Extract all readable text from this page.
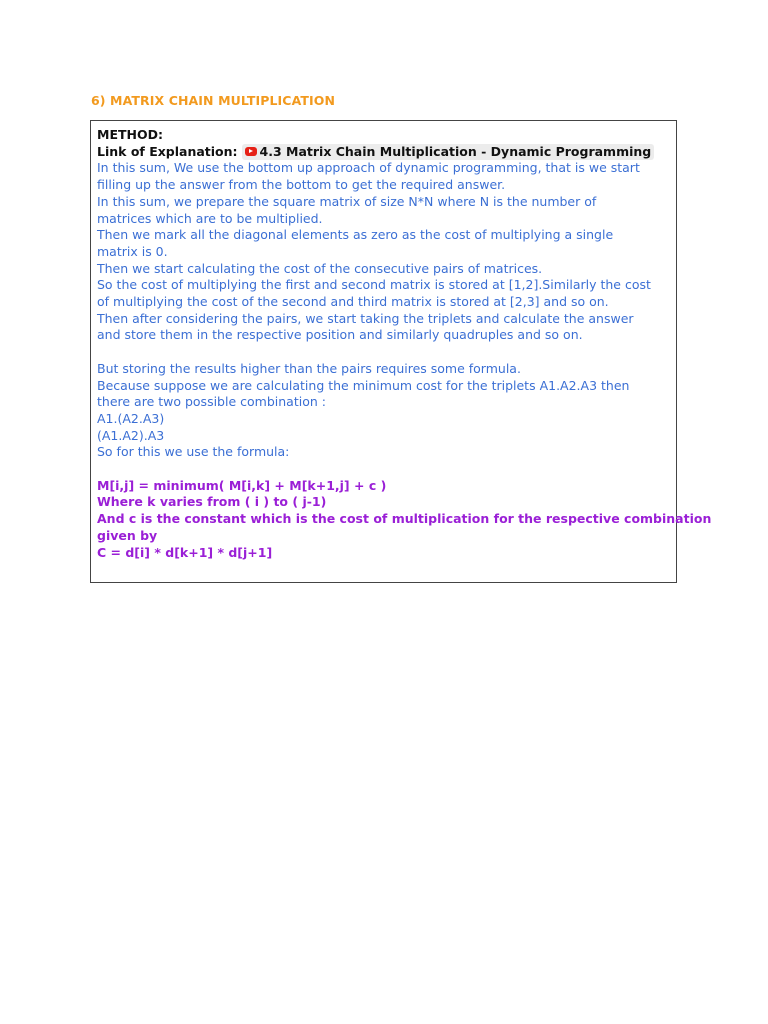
6) MATRIX CHAIN MULTIPLICATION
METHOD:
Link of Explanation: 4.3 Matrix Chain Multiplication - Dynamic Programming
In this sum, We use the bottom up approach of dynamic programming, that is we start
filling up the answer from the bottom to get the required answer.
In this sum, we prepare the square matrix of size N*N where N is the number of
matrices which are to be multiplied.
Then we mark all the diagonal elements as zero as the cost of multiplying a single
matrix is 0.
Then we start calculating the cost of the consecutive pairs of matrices.
So the cost of multiplying the first and second matrix is stored at [1,2].Similarly the cost
of multiplying the cost of the second and third matrix is stored at [2,3] and so on.
Then after considering the pairs, we start taking the triplets and calculate the answer
and store them in the respective position and similarly quadruples and so on.
But storing the results higher than the pairs requires some formula.
Because suppose we are calculating the minimum cost for the triplets A1.A2.A3 then
there are two possible combination :
A1.(A2.A3)
(A1.A2).A3
So for this we use the formula:
M[i,j] = minimum( M[i,k] + M[k+1,j] + c )
Where k varies from ( i ) to ( j-1)
And c is the constant which is the cost of multiplication for the respective combination
given by
C = d[i] * d[k+1] * d[j+1]
